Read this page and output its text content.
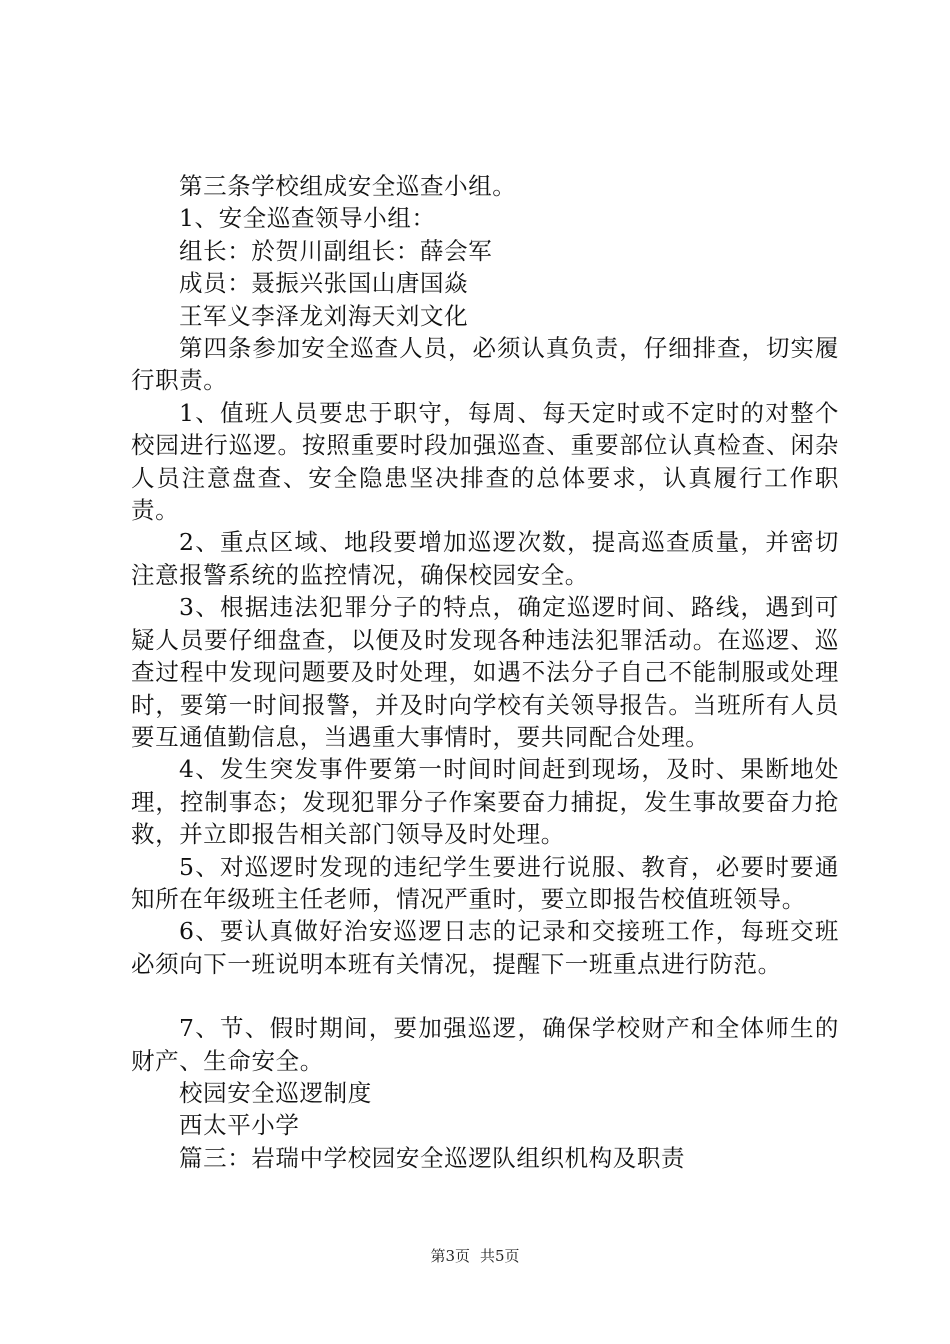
第三条学校组成安全巡查小组。

1、安全巡查领导小组：

组长：於贺川副组长：薛会军

成员：聂振兴张国山唐国焱

王军义李泽龙刘海天刘文化

第四条参加安全巡查人员，必须认真负责，仔细排查，切实履行职责。

1、值班人员要忠于职守，每周、每天定时或不定时的对整个校园进行巡逻。按照重要时段加强巡查、重要部位认真检查、闲杂人员注意盘查、安全隐患坚决排查的总体要求，认真履行工作职责。

2、重点区域、地段要增加巡逻次数，提高巡查质量，并密切注意报警系统的监控情况，确保校园安全。

3、根据违法犯罪分子的特点，确定巡逻时间、路线，遇到可疑人员要仔细盘查，以便及时发现各种违法犯罪活动。在巡逻、巡查过程中发现问题要及时处理，如遇不法分子自己不能制服或处理时，要第一时间报警，并及时向学校有关领导报告。当班所有人员要互通值勤信息，当遇重大事情时，要共同配合处理。

4、发生突发事件要第一时间时间赶到现场，及时、果断地处理，控制事态；发现犯罪分子作案要奋力捕捉，发生事故要奋力抢救，并立即报告相关部门领导及时处理。

5、对巡逻时发现的违纪学生要进行说服、教育，必要时要通知所在年级班主任老师，情况严重时，要立即报告校值班领导。

6、要认真做好治安巡逻日志的记录和交接班工作，每班交班必须向下一班说明本班有关情况，提醒下一班重点进行防范。

7、节、假时期间，要加强巡逻，确保学校财产和全体师生的财产、生命安全。

校园安全巡逻制度

西太平小学

篇三：岩瑞中学校园安全巡逻队组织机构及职责

第3页 共5页
